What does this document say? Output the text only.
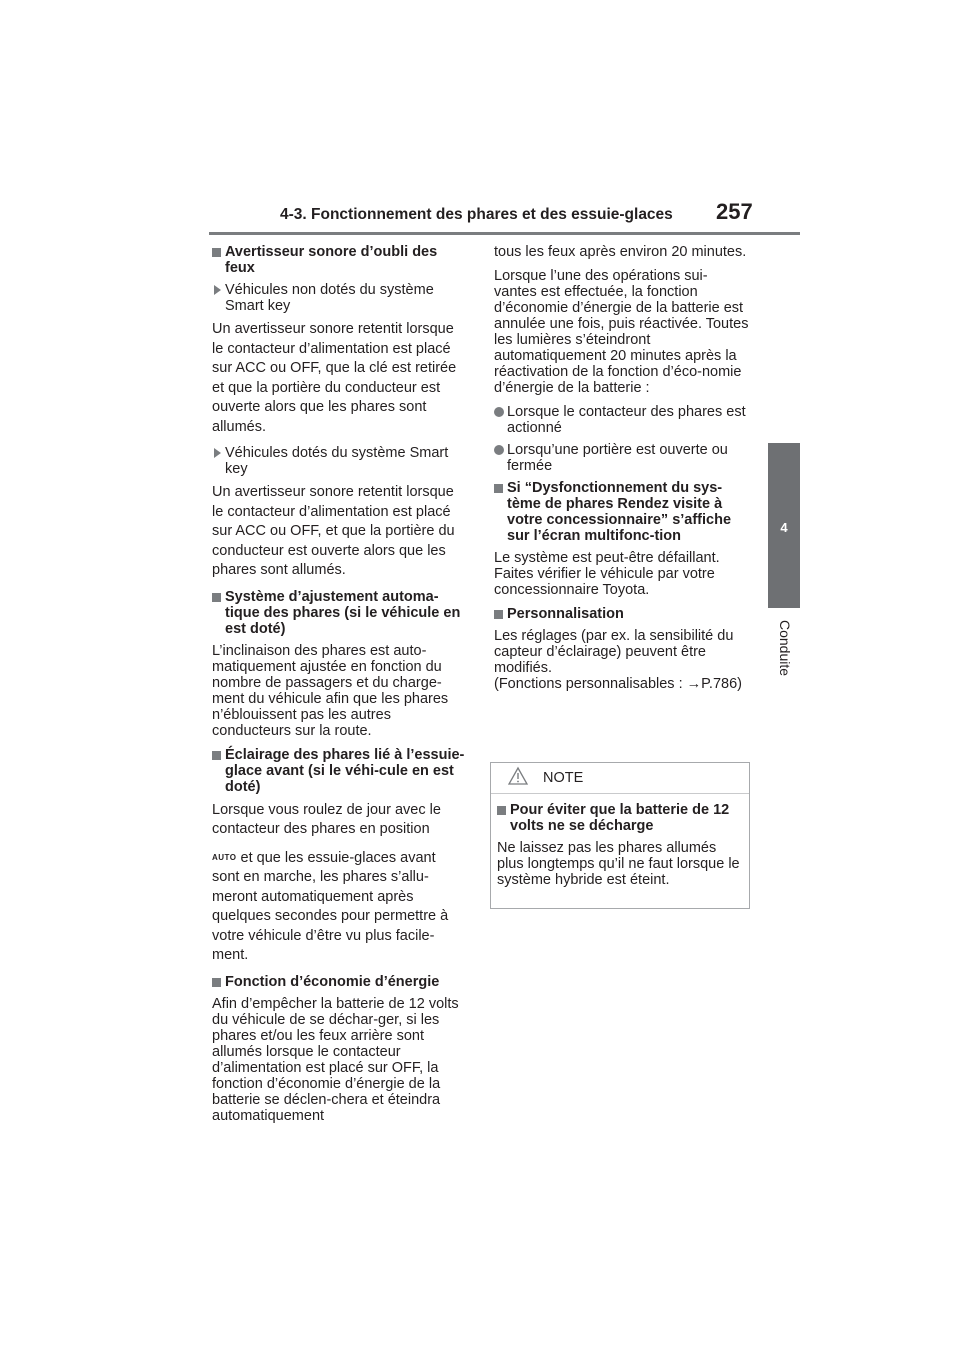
4-3. Fonctionnement des phares et des essuie-glaces 257
4
Conduite
Avertisseur sonore d’oubli des feux
Véhicules non dotés du système Smart key

Un avertisseur sonore retentit lorsque le contacteur d’alimentation est placé sur ACC ou OFF, que la clé est retirée et que la portière du conducteur est ouverte alors que les phares sont allumés.

Véhicules dotés du système Smart key

Un avertisseur sonore retentit lorsque le contacteur d’alimentation est placé sur ACC ou OFF, et que la portière du conducteur est ouverte alors que les phares sont allumés.

Système d’ajustement automa-tique des phares (si le véhicule en est doté)

L’inclinaison des phares est auto-matiquement ajustée en fonction du nombre de passagers et du charge-ment du véhicule afin que les phares n’éblouissent pas les autres conducteurs sur la route.

Éclairage des phares lié à l’essuie-glace avant (si le véhi-cule en est doté)

Lorsque vous roulez de jour avec le contacteur des phares en position

AUTO et que les essuie-glaces avant sont en marche, les phares s’allu-meront automatiquement après quelques secondes pour permettre à votre véhicule d’être vu plus facile-ment.

Fonction d’économie d’énergie

Afin d’empêcher la batterie de 12 volts du véhicule de se déchar-ger, si les phares et/ou les feux arrière sont allumés lorsque le contacteur d’alimentation est placé sur OFF, la fonction d’économie d’énergie de la batterie se déclen-chera et éteindra automatiquement

tous les feux après environ 20 minutes.

Lorsque l’une des opérations sui-vantes est effectuée, la fonction d’économie d’énergie de la batterie est annulée une fois, puis réactivée. Toutes les lumières s’éteindront automatiquement 20 minutes après la réactivation de la fonction d’éco-nomie d’énergie de la batterie :

Lorsque le contacteur des phares est actionné
Lorsqu’une portière est ouverte ou fermée
Si “Dysfonctionnement du sys-tème de phares Rendez visite à votre concessionnaire” s’affiche sur l’écran multifonc-tion

Le système est peut-être défaillant. Faites vérifier le véhicule par votre concessionnaire Toyota.

Personnalisation

Les réglages (par ex. la sensibilité du capteur d’éclairage) peuvent être modifiés.

(Fonctions personnalisables : →P.786)

NOTE
Pour éviter que la batterie de 12 volts ne se décharge

Ne laissez pas les phares allumés plus longtemps qu’il ne faut lorsque le système hybride est éteint.
